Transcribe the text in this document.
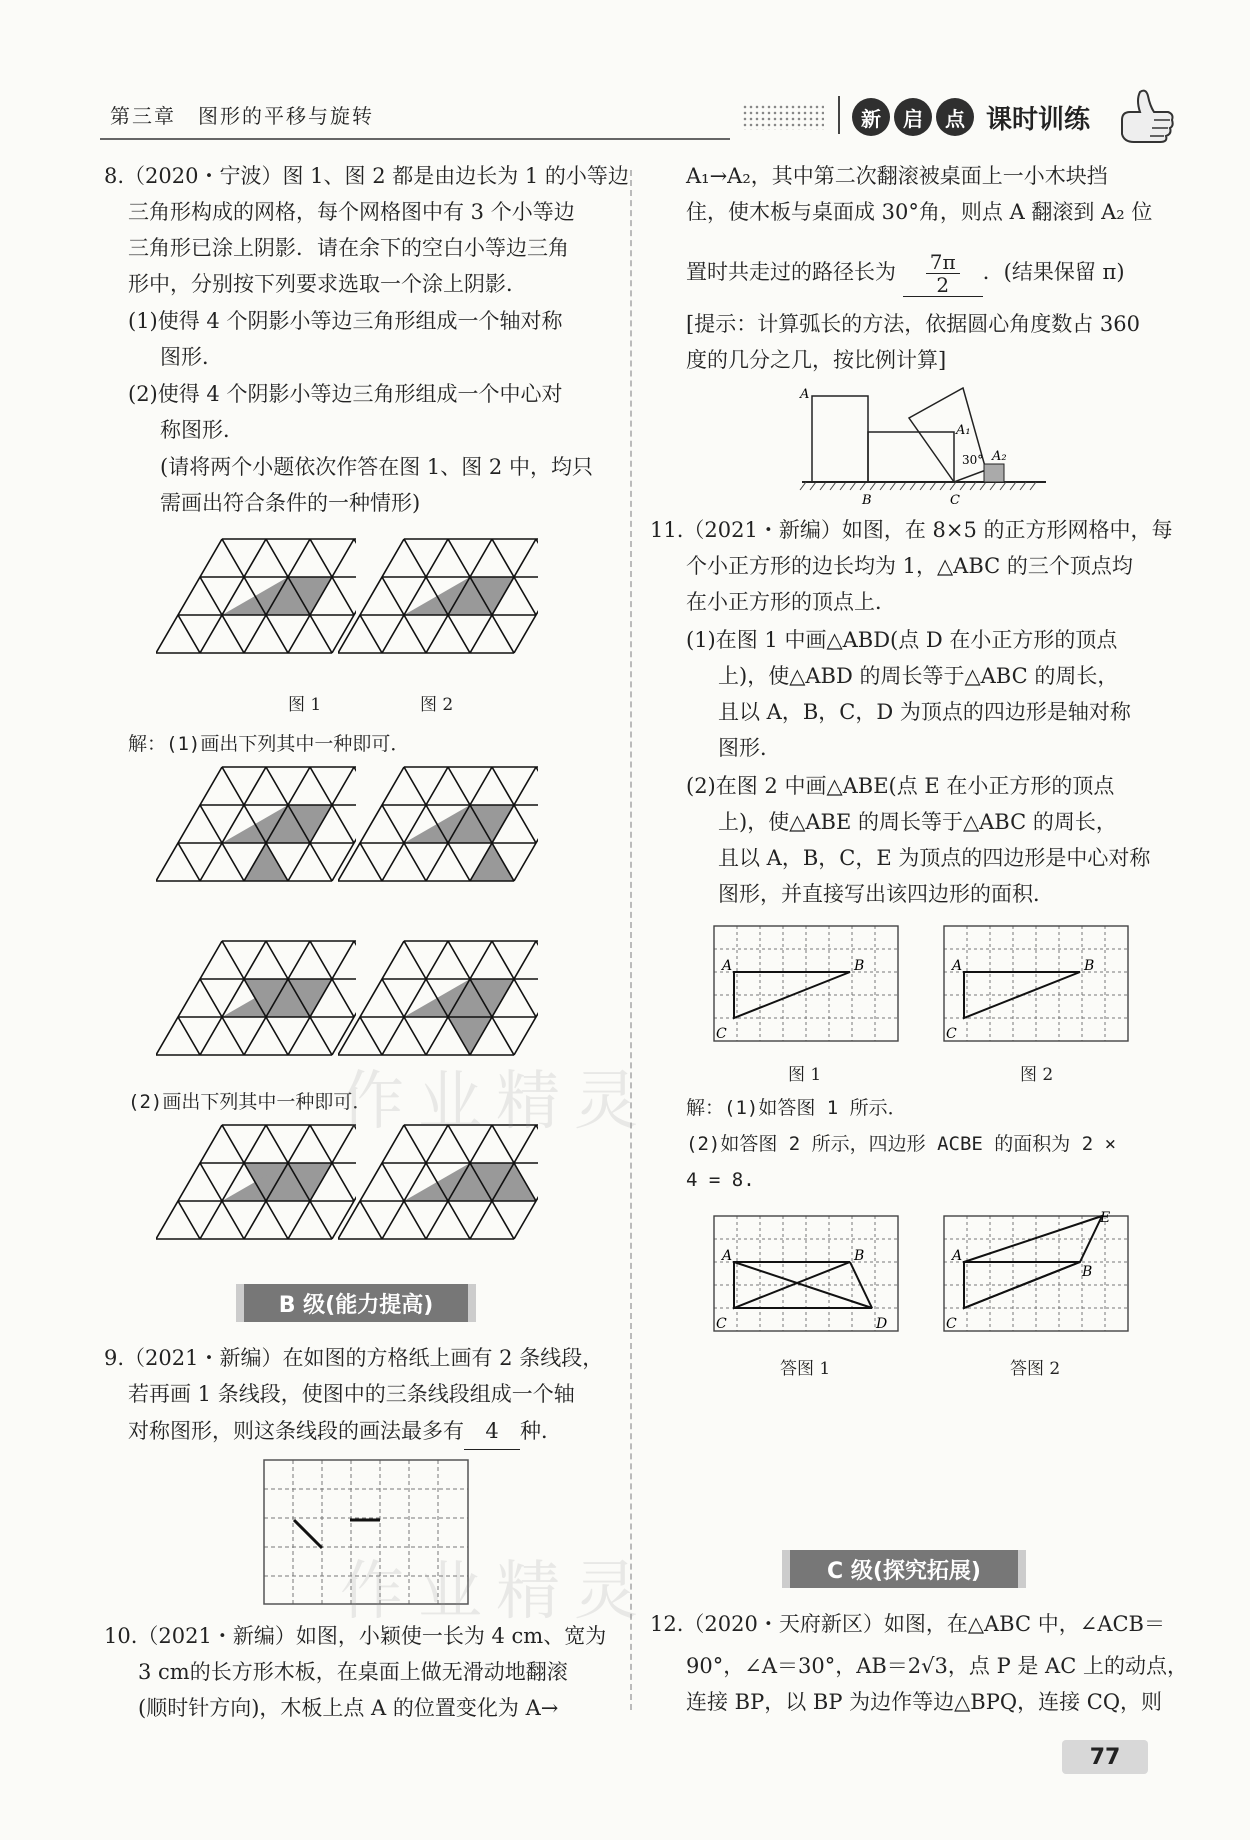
第三章　图形的平移与旋转	新	启	点 课时训练
8.（2020・宁波）图 1、图 2 都是由边长为 1 的小等边
三角形构成的网格，每个网格图中有 3 个小等边
三角形已涂上阴影．请在余下的空白小等边三角
形中，分别按下列要求选取一个涂上阴影．
(1)使得 4 个阴影小等边三角形组成一个轴对称
图形．
(2)使得 4 个阴影小等边三角形组成一个中心对
称图形．
(请将两个小题依次作答在图 1、图 2 中，均只
需画出符合条件的一种情形)
图 1	图 2
解：(1)画出下列其中一种即可．
(2)画出下列其中一种即可．
B 级(能力提高)
9.（2021・新编）在如图的方格纸上画有 2 条线段，
若再画 1 条线段，使图中的三条线段组成一个轴
对称图形，则这条线段的画法最多有 4 种．
10.（2021・新编）如图，小颖使一长为 4 cm、宽为
3 cm的长方形木板，在桌面上做无滑动地翻滚
(顺时针方向)，木板上点 A 的位置变化为 A→
A₁→A₂，其中第二次翻滚被桌面上一小木块挡
住，使木板与桌面成 30°角，则点 A 翻滚到 A₂ 位
置时共走过的路径长为 $\frac{7\pi}{2}$ ．(结果保留 π)
[提示：计算弧长的方法，依据圆心角度数占 360
度的几分之几，按比例计算]
A
A₁
A₂
B	C
30°
11.（2021・新编）如图，在 8×5 的正方形网格中，每
个小正方形的边长均为 1，△ABC 的三个顶点均
在小正方形的顶点上．
(1)在图 1 中画△ABD(点 D 在小正方形的顶点
上)，使△ABD 的周长等于△ABC 的周长，
且以 A，B，C，D 为顶点的四边形是轴对称
图形．
(2)在图 2 中画△ABE(点 E 在小正方形的顶点
上)，使△ABE 的周长等于△ABC 的周长，
且以 A，B，C，E 为顶点的四边形是中心对称
图形，并直接写出该四边形的面积．
A	B
C
A	B
C
图 1	图 2
解：(1)如答图 1 所示．
(2)如答图 2 所示，四边形 ACBE 的面积为 2 ×
4 = 8.
A	B
C	D
A
B
C
E
答图 1	答图 2
C 级(探究拓展)
12.（2020・天府新区）如图，在△ABC 中，∠ACB＝
90°，∠A＝30°，AB＝2√3，点 P 是 AC 上的动点，
连接 BP，以 BP 为边作等边△BPQ，连接 CQ，则
作业精灵
作业精灵
77
